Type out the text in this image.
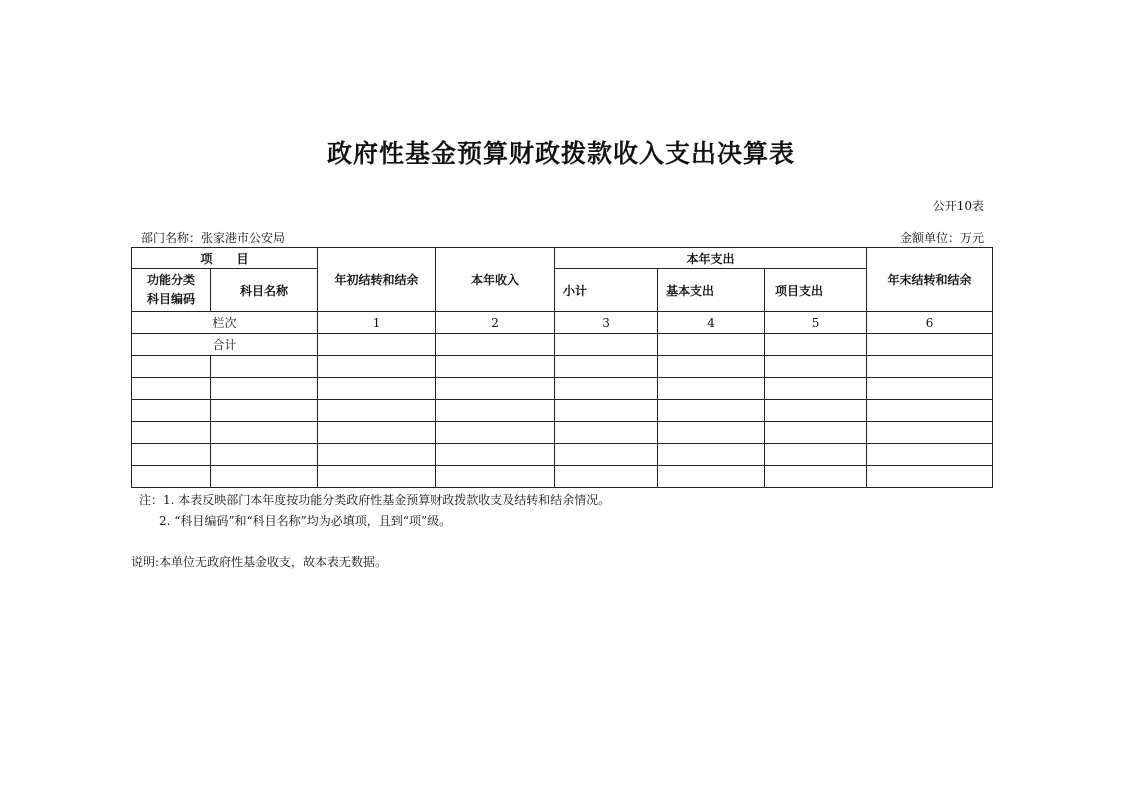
政府性基金预算财政拨款收入支出决算表
公开10表
部门名称：张家港市公安局	金额单位：万元
项　　目		年初结转和结余	本年收入	本年支出			年末结转和结余

功能分类
科目编码	科目名称			小计	基本支出	项目支出	
栏次		1	2	3	4	5	6
合计							

注：1. 本表反映部门本年度按功能分类政府性基金预算财政拨款收支及结转和结余情况。
2. “科目编码”和“科目名称”均为必填项，且到“项”级。
说明:本单位无政府性基金收支，故本表无数据。
